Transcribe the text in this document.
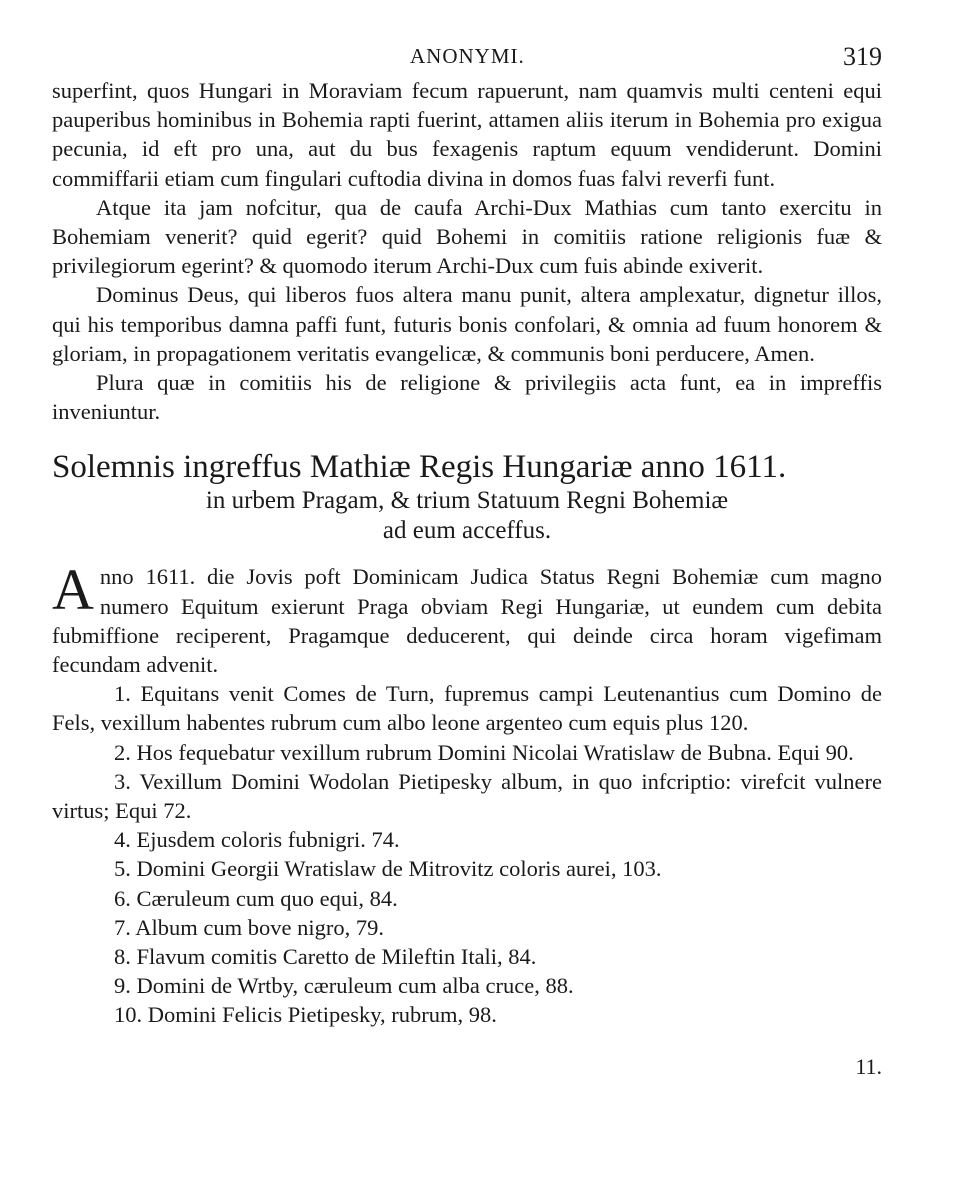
ANONYMI.	319

superfint, quos Hungari in Moraviam fecum rapuerunt, nam quamvis multi centeni equi pauperibus hominibus in Bohemia rapti fuerint, attamen aliis iterum in Bohemia pro exigua pecunia, id eft pro una, aut du bus fexagenis raptum equum vendiderunt. Domini commiffarii etiam cum fingulari cuftodia divina in domos fuas falvi reverfi funt.

Atque ita jam nofcitur, qua de caufa Archi-Dux Mathias cum tanto exercitu in Bohemiam venerit? quid egerit? quid Bohemi in comitiis ratione religionis fuæ & privilegiorum egerint? & quomodo iterum Archi-Dux cum fuis abinde exiverit.

Dominus Deus, qui liberos fuos altera manu punit, altera amplexatur, dignetur illos, qui his temporibus damna paffi funt, futuris bonis confolari, & omnia ad fuum honorem & gloriam, in propagationem veritatis evangelicæ, & communis boni perducere, Amen.

Plura quæ in comitiis his de religione & privilegiis acta funt, ea in impreffis inveniuntur.

Solemnis ingreffus Mathiæ Regis Hungariæ anno 1611.

in urbem Pragam, & trium Statuum Regni Bohemiæ

ad eum acceffus.

Anno 1611. die Jovis poft Dominicam Judica Status Regni Bohemiæ cum magno numero Equitum exierunt Praga obviam Regi Hungariæ, ut eundem cum debita fubmiffione reciperent, Pragamque deducerent, qui deinde circa horam vigefimam fecundam advenit.
1. Equitans venit Comes de Turn, fupremus campi Leutenantius cum Domino de Fels, vexillum habentes rubrum cum albo leone argenteo cum equis plus 120.
2. Hos fequebatur vexillum rubrum Domini Nicolai Wratislaw de Bubna. Equi 90.
3. Vexillum Domini Wodolan Pietipesky album, in quo infcriptio: virefcit vulnere virtus; Equi 72.
4. Ejusdem coloris fubnigri. 74.
5. Domini Georgii Wratislaw de Mitrovitz coloris aurei, 103.
6. Cæruleum cum quo equi, 84.
7. Album cum bove nigro, 79.
8. Flavum comitis Caretto de Mileftin Itali, 84.
9. Domini de Wrtby, cæruleum cum alba cruce, 88.
10. Domini Felicis Pietipesky, rubrum, 98.
11.
